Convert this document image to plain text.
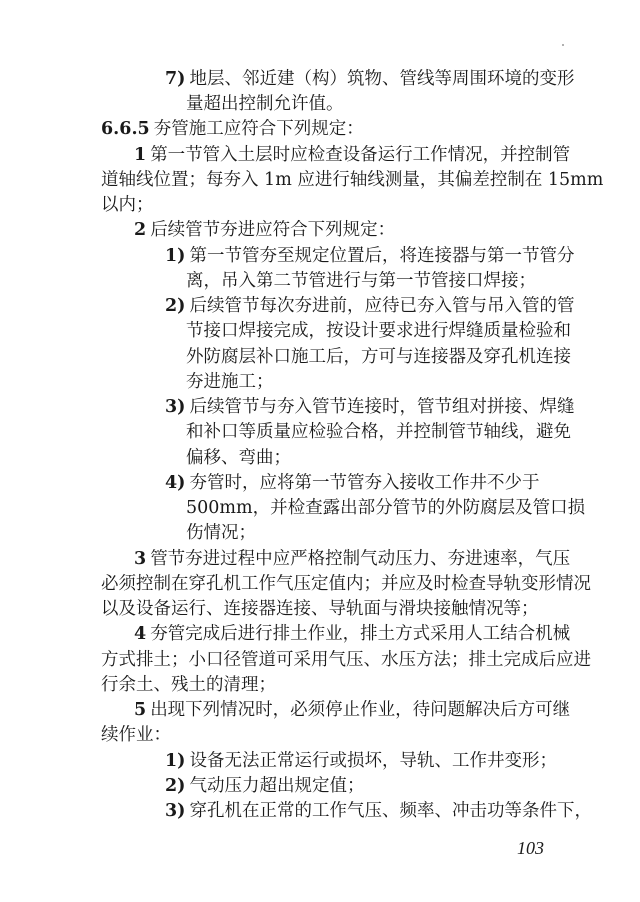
7) 地层、邻近建（构）筑物、管线等周围环境的变形
量超出控制允许值。
6.6.5 夯管施工应符合下列规定：
1 第一节管入土层时应检查设备运行工作情况，并控制管
道轴线位置；每夯入 1m 应进行轴线测量，其偏差控制在 15mm
以内；
2 后续管节夯进应符合下列规定：
1) 第一节管夯至规定位置后，将连接器与第一节管分
离，吊入第二节管进行与第一节管接口焊接；
2) 后续管节每次夯进前，应待已夯入管与吊入管的管
节接口焊接完成，按设计要求进行焊缝质量检验和
外防腐层补口施工后，方可与连接器及穿孔机连接
夯进施工；
3) 后续管节与夯入管节连接时，管节组对拼接、焊缝
和补口等质量应检验合格，并控制管节轴线，避免
偏移、弯曲；
4) 夯管时，应将第一节管夯入接收工作井不少于
500mm，并检查露出部分管节的外防腐层及管口损
伤情况；
3 管节夯进过程中应严格控制气动压力、夯进速率，气压
必须控制在穿孔机工作气压定值内；并应及时检查导轨变形情况
以及设备运行、连接器连接、导轨面与滑块接触情况等；
4 夯管完成后进行排土作业，排土方式采用人工结合机械
方式排土；小口径管道可采用气压、水压方法；排土完成后应进
行余土、残土的清理；
5 出现下列情况时，必须停止作业，待问题解决后方可继
续作业：
1) 设备无法正常运行或损坏，导轨、工作井变形；
2) 气动压力超出规定值；
3) 穿孔机在正常的工作气压、频率、冲击功等条件下，
103
